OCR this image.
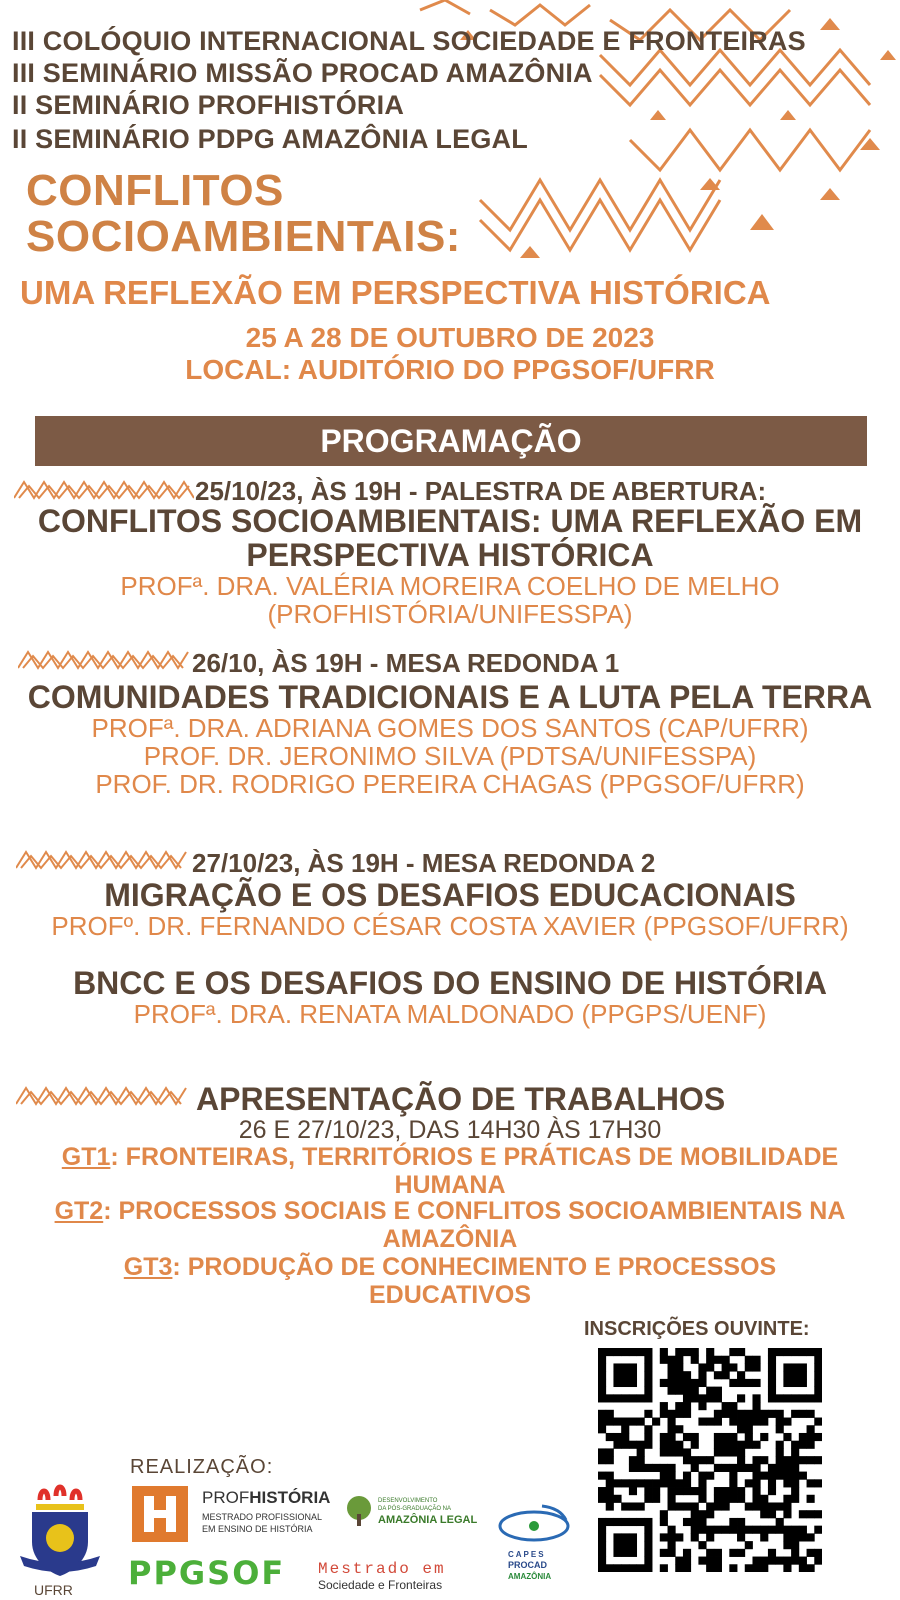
III COLÓQUIO INTERNACIONAL SOCIEDADE E FRONTEIRAS
III SEMINÁRIO MISSÃO PROCAD AMAZÔNIA
II SEMINÁRIO PROFHISTÓRIA
II SEMINÁRIO PDPG AMAZÔNIA LEGAL
CONFLITOS
SOCIOAMBIENTAIS:
UMA REFLEXÃO EM PERSPECTIVA HISTÓRICA
25 A 28 DE OUTUBRO DE 2023
LOCAL: AUDITÓRIO DO PPGSOF/UFRR
PROGRAMAÇÃO
25/10/23, ÀS 19H - PALESTRA DE ABERTURA:
CONFLITOS SOCIOAMBIENTAIS: UMA REFLEXÃO EM
PERSPECTIVA HISTÓRICA
PROFª. DRA. VALÉRIA MOREIRA COELHO DE MELHO
(PROFHISTÓRIA/UNIFESSPA)
26/10, ÀS 19H - MESA REDONDA 1
COMUNIDADES TRADICIONAIS E A LUTA PELA TERRA
PROFª. DRA. ADRIANA GOMES DOS SANTOS (CAP/UFRR)
PROF. DR. JERONIMO SILVA (PDTSA/UNIFESSPA)
PROF. DR. RODRIGO PEREIRA CHAGAS (PPGSOF/UFRR)
27/10/23, ÀS 19H - MESA REDONDA 2
MIGRAÇÃO E OS DESAFIOS EDUCACIONAIS
PROFº. DR. FERNANDO CÉSAR COSTA XAVIER (PPGSOF/UFRR)
BNCC E OS DESAFIOS DO ENSINO DE HISTÓRIA
PROFª. DRA. RENATA MALDONADO (PPGPS/UENF)
APRESENTAÇÃO DE TRABALHOS
26 E 27/10/23, DAS 14H30 ÀS 17H30
GT1: FRONTEIRAS, TERRITÓRIOS E PRÁTICAS DE MOBILIDADE
HUMANA
GT2: PROCESSOS SOCIAIS E CONFLITOS SOCIOAMBIENTAIS NA
AMAZÔNIA
GT3: PRODUÇÃO DE CONHECIMENTO E PROCESSOS
EDUCATIVOS
INSCRIÇÕES OUVINTE:
REALIZAÇÃO:
UFRR
PROFHISTÓRIA
MESTRADO PROFISSIONAL
EM ENSINO DE HISTÓRIA
DESENVOLVIMENTO
DA PÓS-GRADUAÇÃO NA
AMAZÔNIA LEGAL
PPGSOF Mestrado em
Sociedade e Fronteiras
CAPES
PROCAD
AMAZÔNIA
